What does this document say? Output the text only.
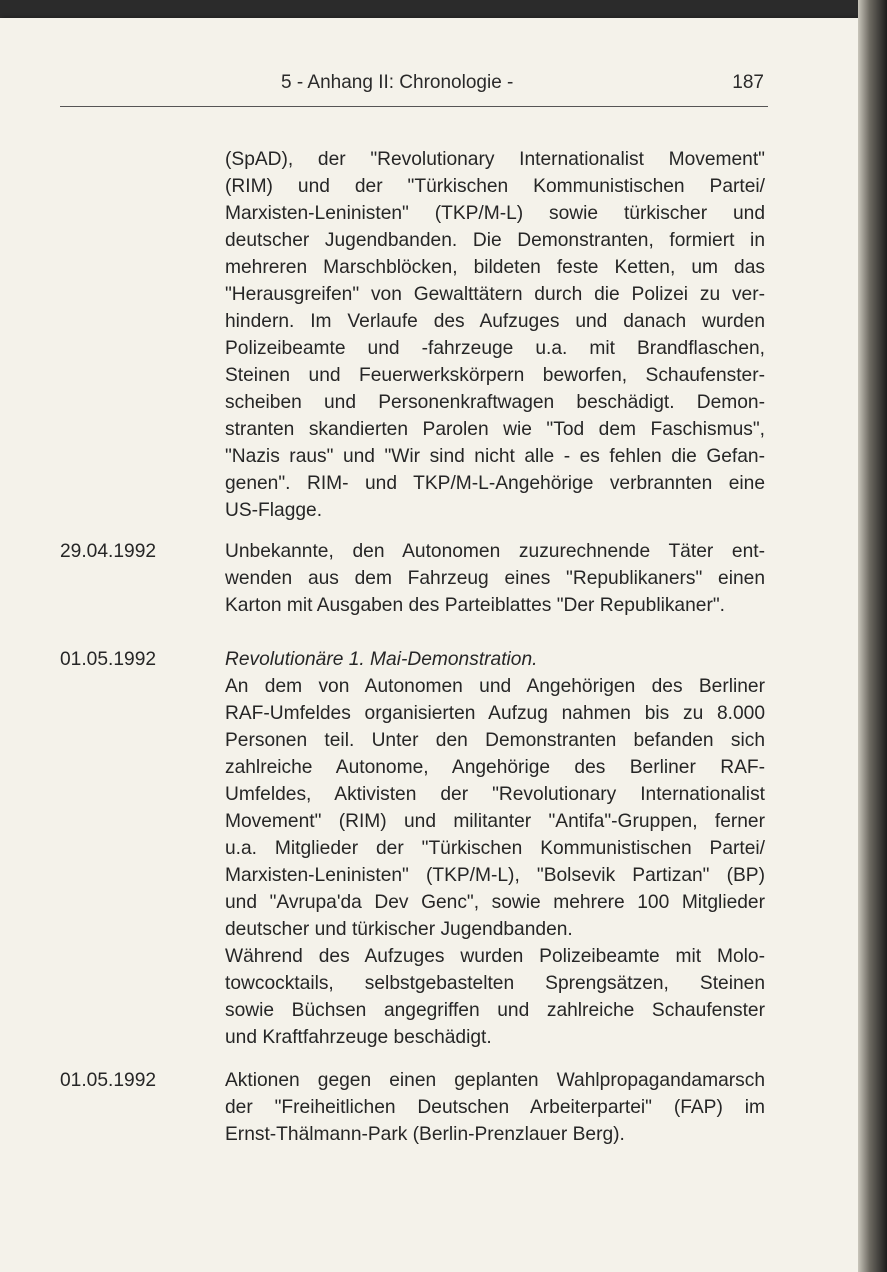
5 - Anhang II: Chronologie -	187
(SpAD), der "Revolutionary Internationalist Movement"
(RIM) und der "Türkischen Kommunistischen Partei/
Marxisten-Leninisten" (TKP/M-L) sowie türkischer und
deutscher Jugendbanden. Die Demonstranten, formiert in
mehreren Marschblöcken, bildeten feste Ketten, um das
"Herausgreifen" von Gewalttätern durch die Polizei zu ver-
hindern. Im Verlaufe des Aufzuges und danach wurden
Polizeibeamte und -fahrzeuge u.a. mit Brandflaschen,
Steinen und Feuerwerkskörpern beworfen, Schaufenster-
scheiben und Personenkraftwagen beschädigt. Demon-
stranten skandierten Parolen wie "Tod dem Faschismus",
"Nazis raus" und "Wir sind nicht alle - es fehlen die Gefan-
genen". RIM- und TKP/M-L-Angehörige verbrannten eine
US-Flagge.
29.04.1992	Unbekannte, den Autonomen zuzurechnende Täter ent-
wenden aus dem Fahrzeug eines "Republikaners" einen
Karton mit Ausgaben des Parteiblattes "Der Republikaner".
01.05.1992	Revolutionäre 1. Mai-Demonstration.
An dem von Autonomen und Angehörigen des Berliner
RAF-Umfeldes organisierten Aufzug nahmen bis zu 8.000
Personen teil. Unter den Demonstranten befanden sich
zahlreiche Autonome, Angehörige des Berliner RAF-
Umfeldes, Aktivisten der "Revolutionary Internationalist
Movement" (RIM) und militanter "Antifa"-Gruppen, ferner
u.a. Mitglieder der "Türkischen Kommunistischen Partei/
Marxisten-Leninisten" (TKP/M-L), "Bolsevik Partizan" (BP)
und "Avrupa'da Dev Genc", sowie mehrere 100 Mitglieder
deutscher und türkischer Jugendbanden.
Während des Aufzuges wurden Polizeibeamte mit Molo-
towcocktails, selbstgebastelten Sprengsätzen, Steinen
sowie Büchsen angegriffen und zahlreiche Schaufenster
und Kraftfahrzeuge beschädigt.
01.05.1992	Aktionen gegen einen geplanten Wahlpropagandamarsch
der "Freiheitlichen Deutschen Arbeiterpartei" (FAP) im
Ernst-Thälmann-Park (Berlin-Prenzlauer Berg).
